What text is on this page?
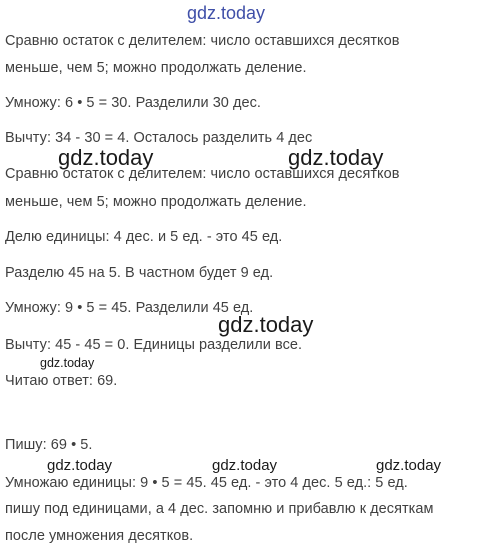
gdz.today
gdz.today	gdz.today
gdz.today
gdz.today
gdz.today	gdz.today	gdz.today
Сравню остаток с делителем: число оставшихся десятков
меньше, чем 5; можно продолжать деление.
Умножу: 6 • 5 = 30. Разделили 30 дес.
Вычту: 34 - 30 = 4. Осталось разделить 4 дес
Сравню остаток с делителем: число оставшихся десятков
меньше, чем 5; можно продолжать деление.
Делю единицы: 4 дес. и 5 ед. - это 45 ед.
Разделю 45 на 5. В частном будет 9 ед.
Умножу: 9 • 5 = 45. Разделили 45 ед.
Вычту: 45 - 45 = 0. Единицы разделили все.
Читаю ответ: 69.
Пишу: 69 • 5.
Умножаю единицы: 9 • 5 = 45. 45 ед. - это 4 дес. 5 ед.: 5 ед.
пишу под единицами, а 4 дес. запомню и прибавлю к десяткам
после умножения десятков.
